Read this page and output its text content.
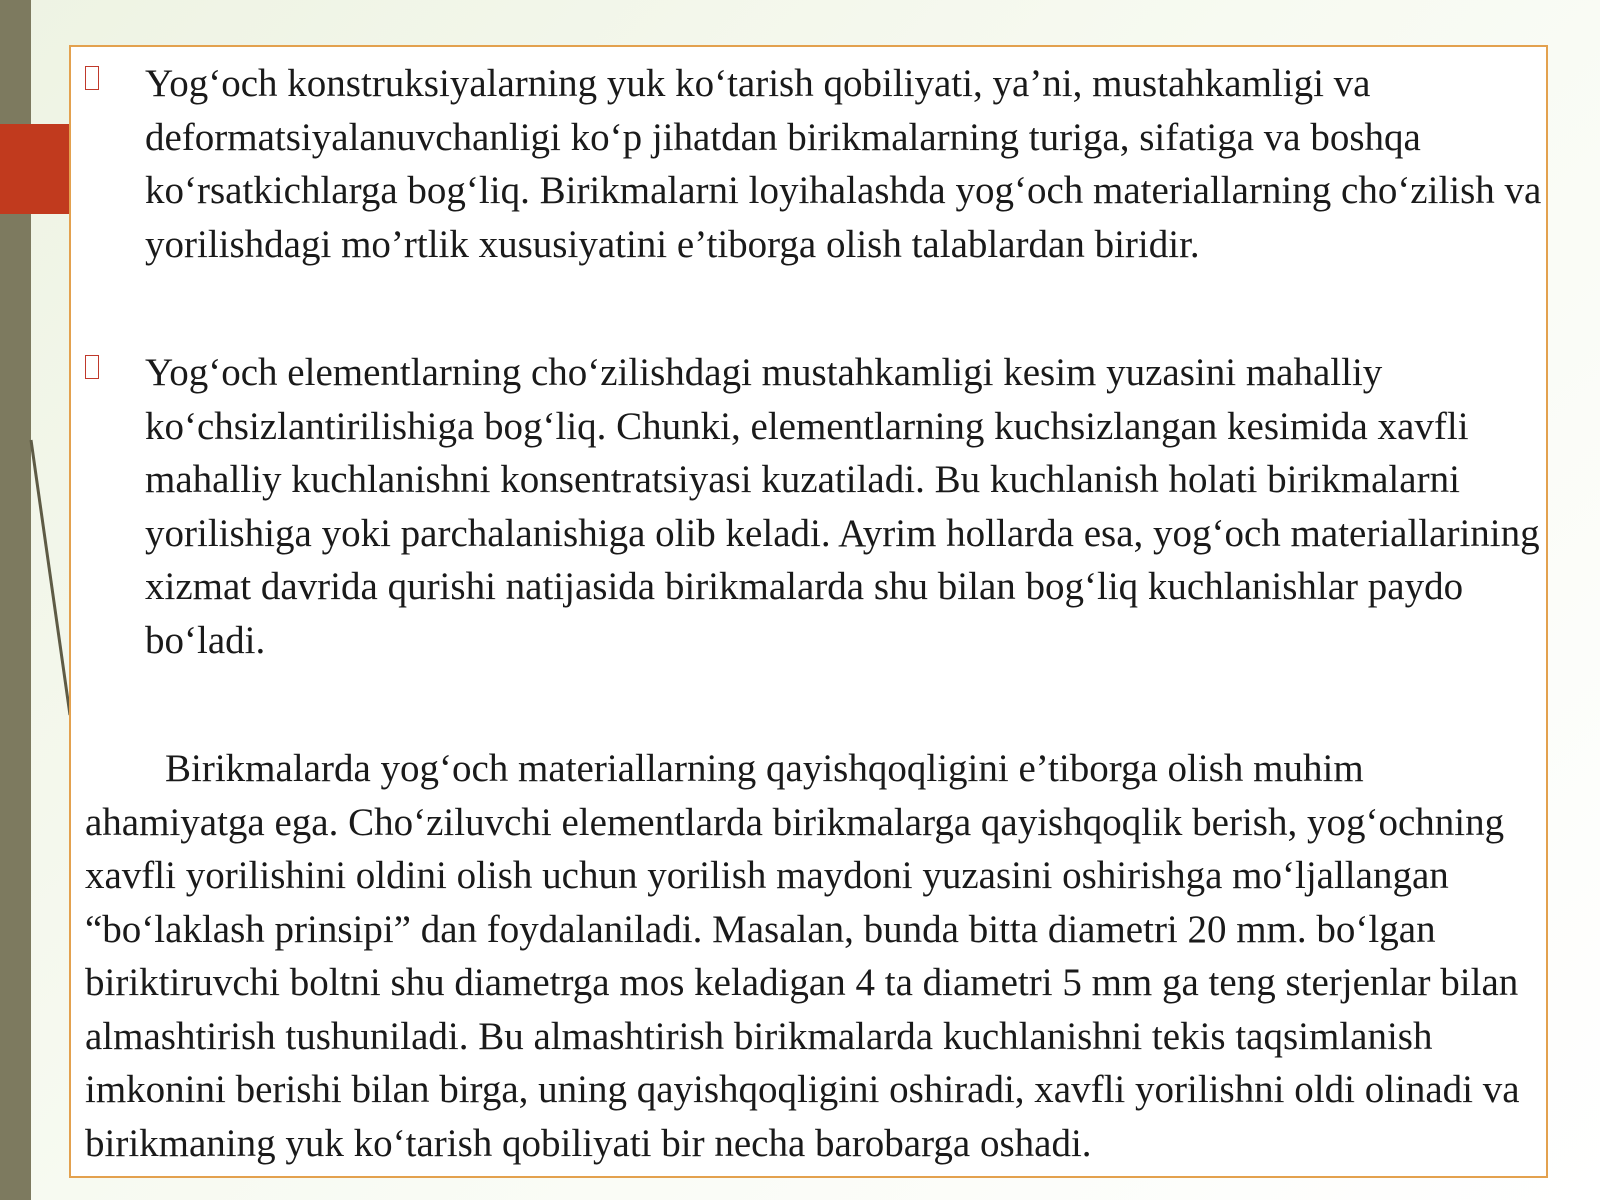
Yog‘och konstruksiyalarning yuk ko‘tarish qobiliyati, ya’ni, mustahkamligi va deformatsiyalanuvchanligi ko‘p jihatdan birikmalarning turiga, sifatiga va boshqa ko‘rsatkichlarga bog‘liq. Birikmalarni loyihalashda yog‘och materiallarning cho‘zilish va yorilishdagi mo’rtlik xususiyatini e’tiborga olish talablardan biridir.
Yog‘och elementlarning cho‘zilishdagi mustahkamligi kesim yuzasini mahalliy ko‘chsizlantirilishiga bog‘liq. Chunki, elementlarning kuchsizlangan kesimida xavfli mahalliy kuchlanishni konsentratsiyasi kuzatiladi. Bu kuchlanish holati birikmalarni yorilishiga yoki parchalanishiga olib keladi. Ayrim hollarda esa, yog‘och materiallarining xizmat davrida qurishi natijasida birikmalarda shu bilan bog‘liq kuchlanishlar paydo bo‘ladi.
Birikmalarda yog‘och materiallarning qayishqoqligini e’tiborga olish muhim ahamiyatga ega. Cho‘ziluvchi elementlarda birikmalarga qayishqoqlik berish, yog‘ochning xavfli yorilishini oldini olish uchun yorilish maydoni yuzasini oshirishga mo‘ljallangan “bo‘laklash prinsipi” dan foydalaniladi. Masalan, bunda bitta diametri 20 mm. bo‘lgan biriktiruvchi boltni shu diametrga mos keladigan 4 ta diametri 5 mm ga teng sterjenlar bilan almashtirish tushuniladi. Bu almashtirish birikmalarda kuchlanishni tekis taqsimlanish imkonini berishi bilan birga, uning qayishqoqligini oshiradi, xavfli yorilishni oldi olinadi va birikmaning yuk ko‘tarish qobiliyati bir necha barobarga oshadi.
